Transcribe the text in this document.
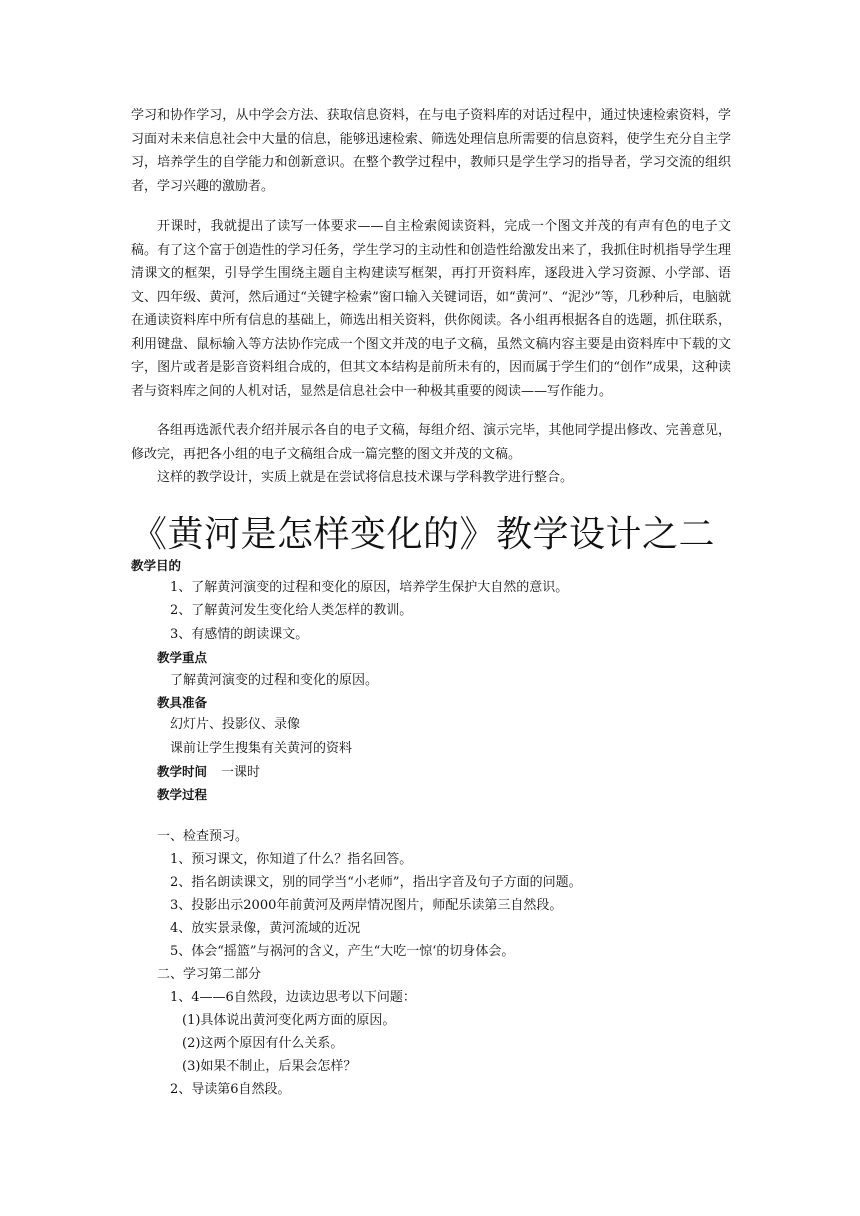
学习和协作学习，从中学会方法、获取信息资料，在与电子资料库的对话过程中，通过快速检索资料，学习面对未来信息社会中大量的信息，能够迅速检索、筛选处理信息所需要的信息资料，使学生充分自主学习，培养学生的自学能力和创新意识。在整个教学过程中，教师只是学生学习的指导者，学习交流的组织者，学习兴趣的激励者。

开课时，我就提出了读写一体要求——自主检索阅读资料，完成一个图文并茂的有声有色的电子文稿。有了这个富于创造性的学习任务，学生学习的主动性和创造性给激发出来了，我抓住时机指导学生理清课文的框架，引导学生围绕主题自主构建读写框架，再打开资料库，逐段进入学习资源、小学部、语文、四年级、黄河，然后通过“关键字检索”窗口输入关键词语，如“黄河”、“泥沙”等，几秒种后，电脑就在通读资料库中所有信息的基础上，筛选出相关资料，供你阅读。各小组再根据各自的选题，抓住联系，利用键盘、鼠标输入等方法协作完成一个图文并茂的电子文稿，虽然文稿内容主要是由资料库中下载的文字，图片或者是影音资料组合成的，但其文本结构是前所未有的，因而属于学生们的“创作”成果，这种读者与资料库之间的人机对话，显然是信息社会中一种极其重要的阅读——写作能力。

各组再选派代表介绍并展示各自的电子文稿，每组介绍、演示完毕，其他同学提出修改、完善意见，修改完，再把各小组的电子文稿组合成一篇完整的图文并茂的文稿。

这样的教学设计，实质上就是在尝试将信息技术课与学科教学进行整合。

《黄河是怎样变化的》教学设计之二
教学目的
1、了解黄河演变的过程和变化的原因，培养学生保护大自然的意识。
2、了解黄河发生变化给人类怎样的教训。
3、有感情的朗读课文。
教学重点
了解黄河演变的过程和变化的原因。
教具准备
幻灯片、投影仪、录像
课前让学生搜集有关黄河的资料
教学时间 一课时
教学过程
一、检查预习。
1、预习课文，你知道了什么？指名回答。
2、指名朗读课文，别的同学当“小老师”，指出字音及句子方面的问题。
3、投影出示2000年前黄河及两岸情况图片，师配乐读第三自然段。
4、放实景录像，黄河流域的近况
5、体会“摇篮”与祸河的含义，产生“大吃一惊‘的切身体会。
二、学习第二部分
1、4——6自然段，边读边思考以下问题：
(1)具体说出黄河变化两方面的原因。
(2)这两个原因有什么关系。
(3)如果不制止，后果会怎样？
2、导读第6自然段。
